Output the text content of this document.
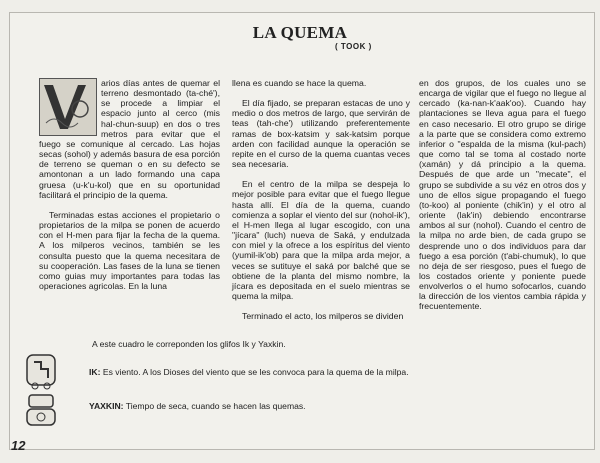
LA QUEMA
( TOOK )

arios días antes de quemar el terreno desmontado (ta-ché'), se procede a limpiar el espacio junto al cerco (mis hal-chun-suup) en dos o tres metros para evitar que el fuego se comunique al cercado. Las hojas secas (sohol) y además basura de esa porción de terreno se queman o en su defecto se amontonan a un lado formando una capa gruesa (u-k'u-kol) que en su oportunidad facilitará el principio de la quema.

Terminadas estas acciones el propietario o propietarios de la milpa se ponen de acuerdo con el H-men para fijar la fecha de la quema. A los milperos vecinos, también se les consulta puesto que la quema necesitara de su cooperación. Las fases de la luna se tienen como guias muy importantes para todas las operaciones agricolas. En la luna

llena es cuando se hace la quema.

El día fijado, se preparan estacas de uno y medio o dos metros de largo, que servirán de teas (tah-che') utilizando preferentemente ramas de box-katsim y sak-katsim porque arden con facilidad aunque la operación se repite en el curso de la quema cuantas veces sea necesaria.

En el centro de la milpa se despeja lo mejor posible para evitar que el fuego llegue hasta allí. El día de la quema, cuando comienza a soplar el viento del sur (nohol-ik'), el H-men llega al lugar escogido, con una "jícara" (luch) nueva de Saká, y endulzada con miel y la ofrece a los espíritus del viento (yumil-ik'ob) para que la milpa arda mejor, a veces se sutituye el saká por balché que se obtiene de la planta del mismo nombre, la jícara es depositada en el suelo mientras se quema la milpa.

Terminado el acto, los milperos se dividen

en dos grupos, de los cuales uno se encarga de vigilar que el fuego no llegue al cercado (ka-nan-k'aak'oo). Cuando hay plantaciones se lleva agua para el fuego en caso necesario. El otro grupo se dirige a la parte que se considera como extremo inferior o "espalda de la misma (kul-pach) que como tal se toma al costado norte (xamán) y dá principio a la quema. Después de que arde un "mecate", el grupo se subdivide a su véz en otros dos y uno de ellos sigue propagando el fuego (to-koo) al poniente (chik'in) y el otro al oriente (lak'in) debiendo encontrarse ambos al sur (nohol). Cuando el centro de la milpa no arde bien, de cada grupo se desprende uno o dos individuos para dar fuego a esa porción (t'abi-chumuk), lo que no deja de ser riesgoso, pues el fuego de los costados oriente y poniente puede envolverlos o el humo sofocarlos, cuando la dirección de los vientos cambia rápida y frecuentemente.

A este cuadro le correponden los glifos Ik y Yaxkin.
IK: Es viento. A los Dioses del viento que se les convoca para la quema de la milpa.
YAXKIN: Tiempo de seca, cuando se hacen las quemas.
12
